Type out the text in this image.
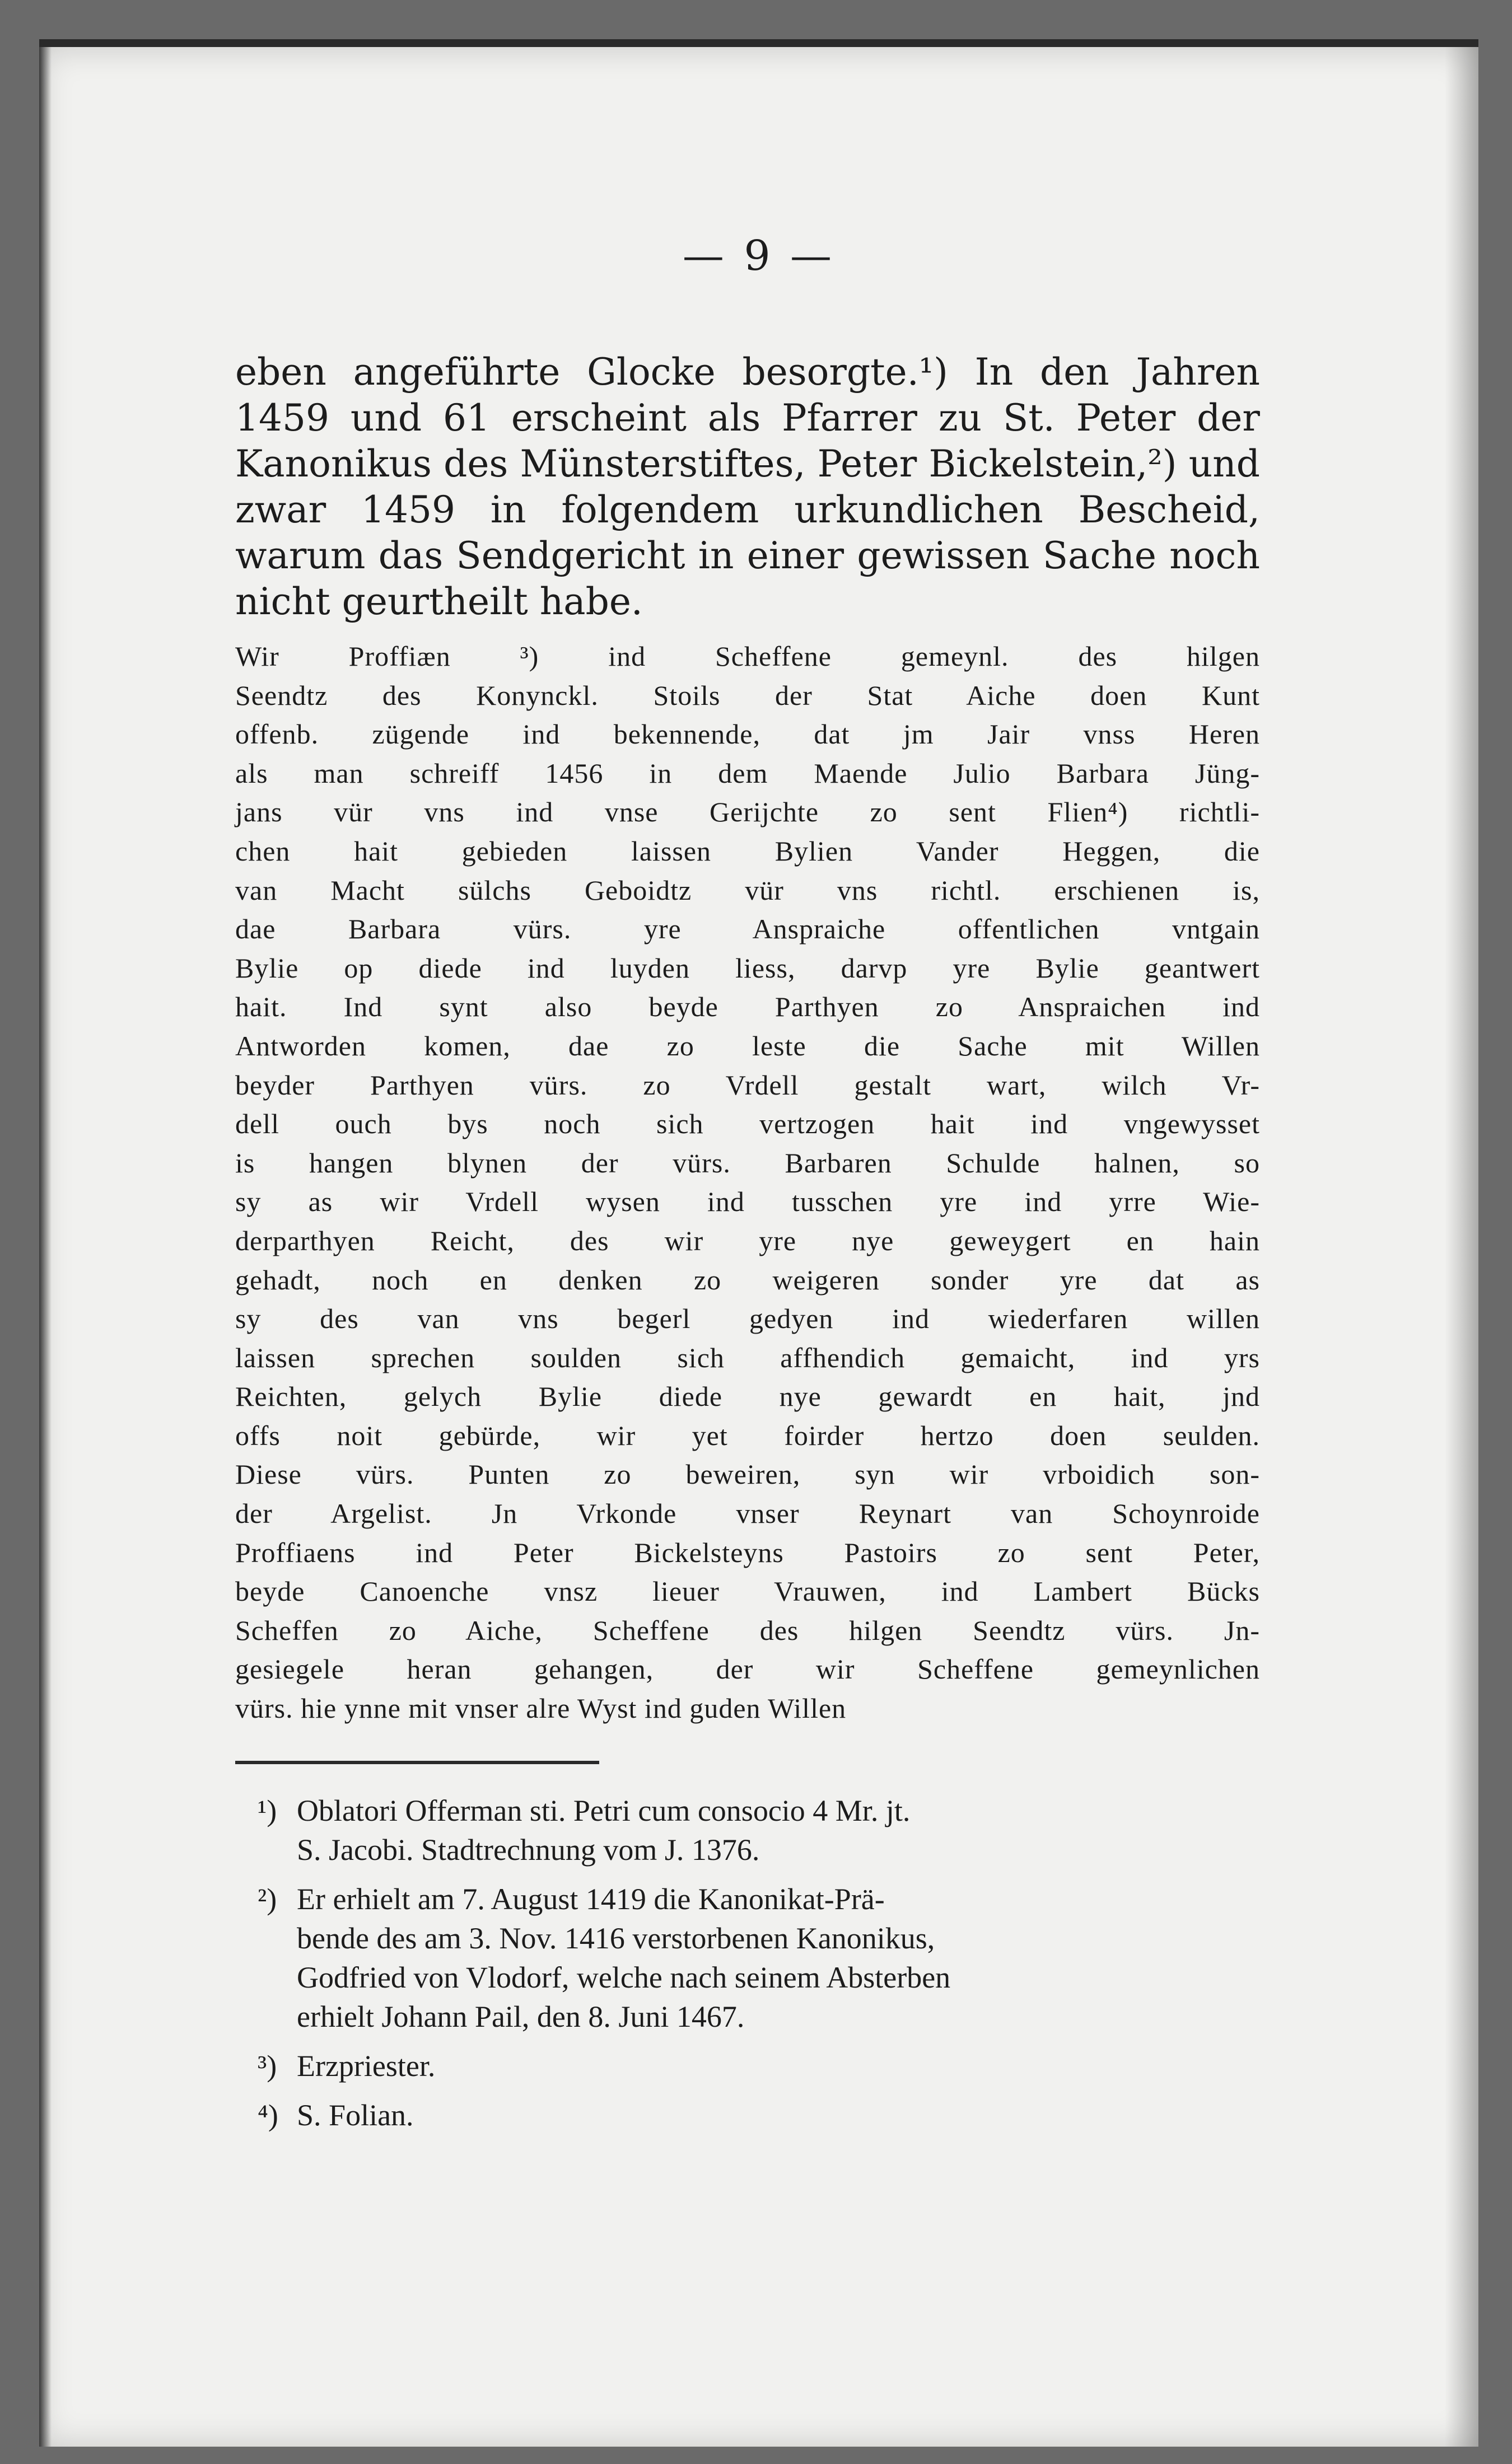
— 9 —

eben angeführte Glocke besorgte.¹) In den Jahren 1459 und 61 erscheint als Pfarrer zu St. Peter der Kanonikus des Münsterstiftes, Peter Bickelstein,²) und zwar 1459 in folgendem urkundlichen Bescheid, warum das Sendgericht in einer gewissen Sache noch nicht geurtheilt habe.

Wir Proffiæn ³) ind Scheffene gemeynl. des hilgen
Seendtz des Konynckl. Stoils der Stat Aiche doen Kunt
offenb. zügende ind bekennende, dat jm Jair vnss Heren
als man schreiff 1456 in dem Maende Julio Barbara Jüng-
jans vür vns ind vnse Gerijchte zo sent Flien⁴) richtli-
chen hait gebieden laissen Bylien Vander Heggen, die
van Macht sülchs Geboidtz vür vns richtl. erschienen is,
dae Barbara vürs. yre Anspraiche offentlichen vntgain
Bylie op diede ind luyden liess, darvp yre Bylie geantwert
hait. Ind synt also beyde Parthyen zo Anspraichen ind
Antworden komen, dae zo leste die Sache mit Willen
beyder Parthyen vürs. zo Vrdell gestalt wart, wilch Vr-
dell ouch bys noch sich vertzogen hait ind vngewysset
is hangen blynen der vürs. Barbaren Schulde halnen, so
sy as wir Vrdell wysen ind tusschen yre ind yrre Wie-
derparthyen Reicht, des wir yre nye geweygert en hain
gehadt, noch en denken zo weigeren sonder yre dat as
sy des van vns begerl gedyen ind wiederfaren willen
laissen sprechen soulden sich affhendich gemaicht, ind yrs
Reichten, gelych Bylie diede nye gewardt en hait, jnd
offs noit gebürde, wir yet foirder hertzo doen seulden.
Diese vürs. Punten zo beweiren, syn wir vrboidich son-
der Argelist. Jn Vrkonde vnser Reynart van Schoynroide
Proffiaens ind Peter Bickelsteyns Pastoirs zo sent Peter,
beyde Canoenche vnsz lieuer Vrauwen, ind Lambert Bücks
Scheffen zo Aiche, Scheffene des hilgen Seendtz vürs. Jn-
gesiegele heran gehangen, der wir Scheffene gemeynlichen
vürs. hie ynne mit vnser alre Wyst ind guden Willen
¹) Oblatori Offerman sti. Petri cum consocio 4 Mr. jt.
S. Jacobi. Stadtrechnung vom J. 1376.
²) Er erhielt am 7. August 1419 die Kanonikat-Prä-
bende des am 3. Nov. 1416 verstorbenen Kanonikus,
Godfried von Vlodorf, welche nach seinem Absterben
erhielt Johann Pail, den 8. Juni 1467.
³) Erzpriester.
⁴) S. Folian.
